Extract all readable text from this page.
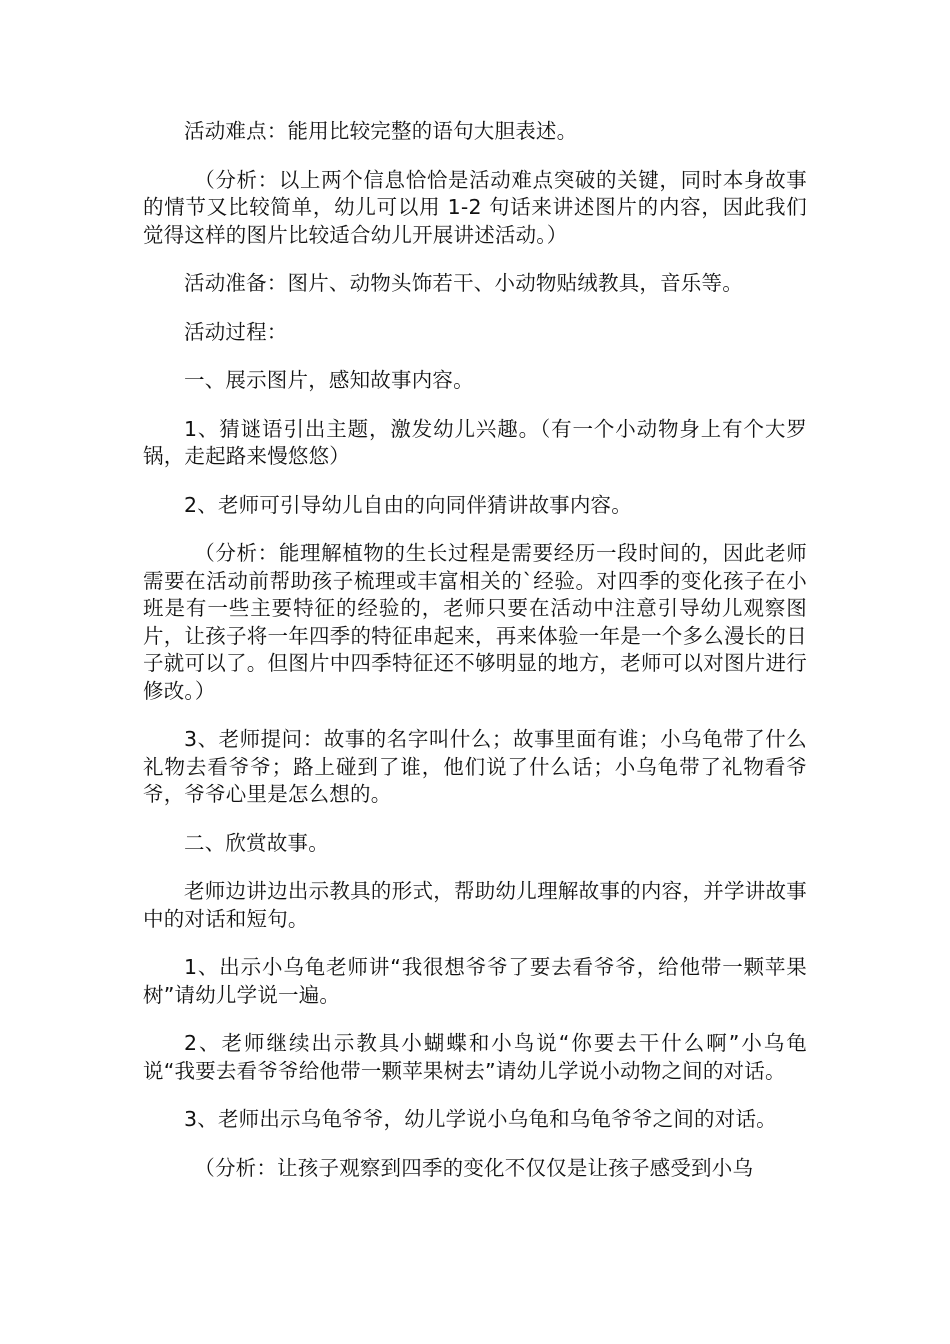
活动难点：能用比较完整的语句大胆表述。

（分析：以上两个信息恰恰是活动难点突破的关键，同时本身故事的情节又比较简单，幼儿可以用 1-2 句话来讲述图片的内容，因此我们觉得这样的图片比较适合幼儿开展讲述活动。）

活动准备：图片、动物头饰若干、小动物贴绒教具，音乐等。

活动过程：

一、展示图片，感知故事内容。

1、猜谜语引出主题，激发幼儿兴趣。（有一个小动物身上有个大罗锅，走起路来慢悠悠）

2、老师可引导幼儿自由的向同伴猜讲故事内容。

（分析：能理解植物的生长过程是需要经历一段时间的，因此老师需要在活动前帮助孩子梳理或丰富相关的`经验。对四季的变化孩子在小班是有一些主要特征的经验的，老师只要在活动中注意引导幼儿观察图片，让孩子将一年四季的特征串起来，再来体验一年是一个多么漫长的日子就可以了。但图片中四季特征还不够明显的地方，老师可以对图片进行修改。）

3、老师提问：故事的名字叫什么；故事里面有谁；小乌龟带了什么礼物去看爷爷；路上碰到了谁，他们说了什么话；小乌龟带了礼物看爷爷，爷爷心里是怎么想的。

二、欣赏故事。

老师边讲边出示教具的形式，帮助幼儿理解故事的内容，并学讲故事中的对话和短句。

1、出示小乌龟老师讲“我很想爷爷了要去看爷爷，给他带一颗苹果树”请幼儿学说一遍。

2、老师继续出示教具小蝴蝶和小鸟说“你要去干什么啊”小乌龟说“我要去看爷爷给他带一颗苹果树去”请幼儿学说小动物之间的对话。

3、老师出示乌龟爷爷，幼儿学说小乌龟和乌龟爷爷之间的对话。

（分析：让孩子观察到四季的变化不仅仅是让孩子感受到小乌
